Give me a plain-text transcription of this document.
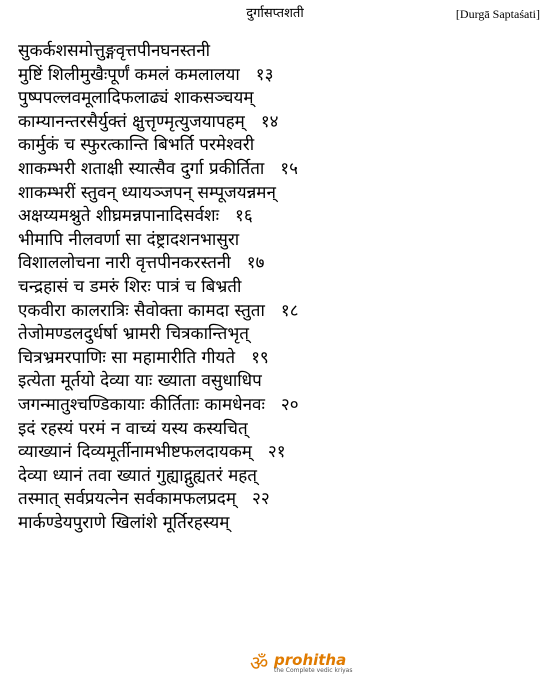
दुर्गासप्तशती	[Durgā Saptaśati]
सुकर्कशसमोत्तुङ्गवृत्तपीनघनस्तनी
मुष्टिं शिलीमुखैःपूर्णं कमलं कमलालया १३
पुष्पपल्लवमूलादिफलाढ्यं शाकसञ्चयम्
काम्यानन्तरसैर्युक्तं क्षुत्तृण्मृत्युजयापहम् १४
कार्मुकं च स्फुरत्कान्ति बिभर्ति परमेश्वरी
शाकम्भरी शताक्षी स्यात्सैव दुर्गा प्रकीर्तिता १५
शाकम्भरीं स्तुवन् ध्यायञ्जपन् सम्पूजयन्नमन्
अक्षय्यमश्नुते शीघ्रमन्नपानादिसर्वशः १६
भीमापि नीलवर्णा सा दंष्ट्रादशनभासुरा
विशाललोचना नारी वृत्तपीनकरस्तनी १७
चन्द्रहासं च डमरुं शिरः पात्रं च बिभ्रती
एकवीरा कालरात्रिः सैवोक्ता कामदा स्तुता १८
तेजोमण्डलदुर्धर्षा भ्रामरी चित्रकान्तिभृत्
चित्रभ्रमरपाणिः सा महामारीति गीयते १९
इत्येता मूर्तयो देव्या याः ख्याता वसुधाधिप
जगन्मातुश्चण्डिकायाः कीर्तिताः कामधेनवः २०
इदं रहस्यं परमं न वाच्यं यस्य कस्यचित्
व्याख्यानं दिव्यमूर्तीनामभीष्टफलदायकम् २१
देव्या ध्यानं तवा ख्यातं गुह्याद्गुह्यतरं महत्
तस्मात् सर्वप्रयत्नेन सर्वकामफलप्रदम् २२
मार्कण्डेयपुराणे खिलांशे मूर्तिरहस्यम्
ॐ prohitha
the Complete vedic kriyas
